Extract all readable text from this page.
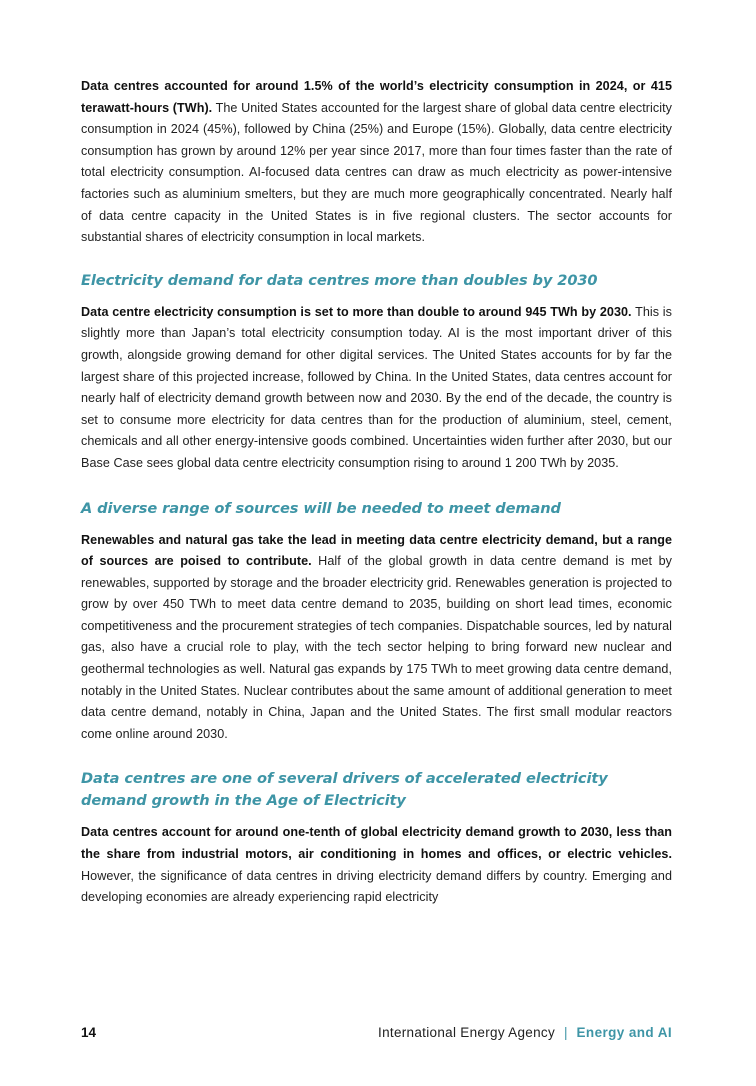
Data centres accounted for around 1.5% of the world’s electricity consumption in 2024, or 415 terawatt-hours (TWh). The United States accounted for the largest share of global data centre electricity consumption in 2024 (45%), followed by China (25%) and Europe (15%). Globally, data centre electricity consumption has grown by around 12% per year since 2017, more than four times faster than the rate of total electricity consumption. AI-focused data centres can draw as much electricity as power-intensive factories such as aluminium smelters, but they are much more geographically concentrated. Nearly half of data centre capacity in the United States is in five regional clusters. The sector accounts for substantial shares of electricity consumption in local markets.

Electricity demand for data centres more than doubles by 2030

Data centre electricity consumption is set to more than double to around 945 TWh by 2030. This is slightly more than Japan’s total electricity consumption today. AI is the most important driver of this growth, alongside growing demand for other digital services. The United States accounts for by far the largest share of this projected increase, followed by China. In the United States, data centres account for nearly half of electricity demand growth between now and 2030. By the end of the decade, the country is set to consume more electricity for data centres than for the production of aluminium, steel, cement, chemicals and all other energy-intensive goods combined. Uncertainties widen further after 2030, but our Base Case sees global data centre electricity consumption rising to around 1 200 TWh by 2035.

A diverse range of sources will be needed to meet demand

Renewables and natural gas take the lead in meeting data centre electricity demand, but a range of sources are poised to contribute. Half of the global growth in data centre demand is met by renewables, supported by storage and the broader electricity grid. Renewables generation is projected to grow by over 450 TWh to meet data centre demand to 2035, building on short lead times, economic competitiveness and the procurement strategies of tech companies. Dispatchable sources, led by natural gas, also have a crucial role to play, with the tech sector helping to bring forward new nuclear and geothermal technologies as well. Natural gas expands by 175 TWh to meet growing data centre demand, notably in the United States. Nuclear contributes about the same amount of additional generation to meet data centre demand, notably in China, Japan and the United States. The first small modular reactors come online around 2030.

Data centres are one of several drivers of accelerated electricity demand growth in the Age of Electricity

Data centres account for around one-tenth of global electricity demand growth to 2030, less than the share from industrial motors, air conditioning in homes and offices, or electric vehicles. However, the significance of data centres in driving electricity demand differs by country. Emerging and developing economies are already experiencing rapid electricity

14	International Energy Agency | Energy and AI
